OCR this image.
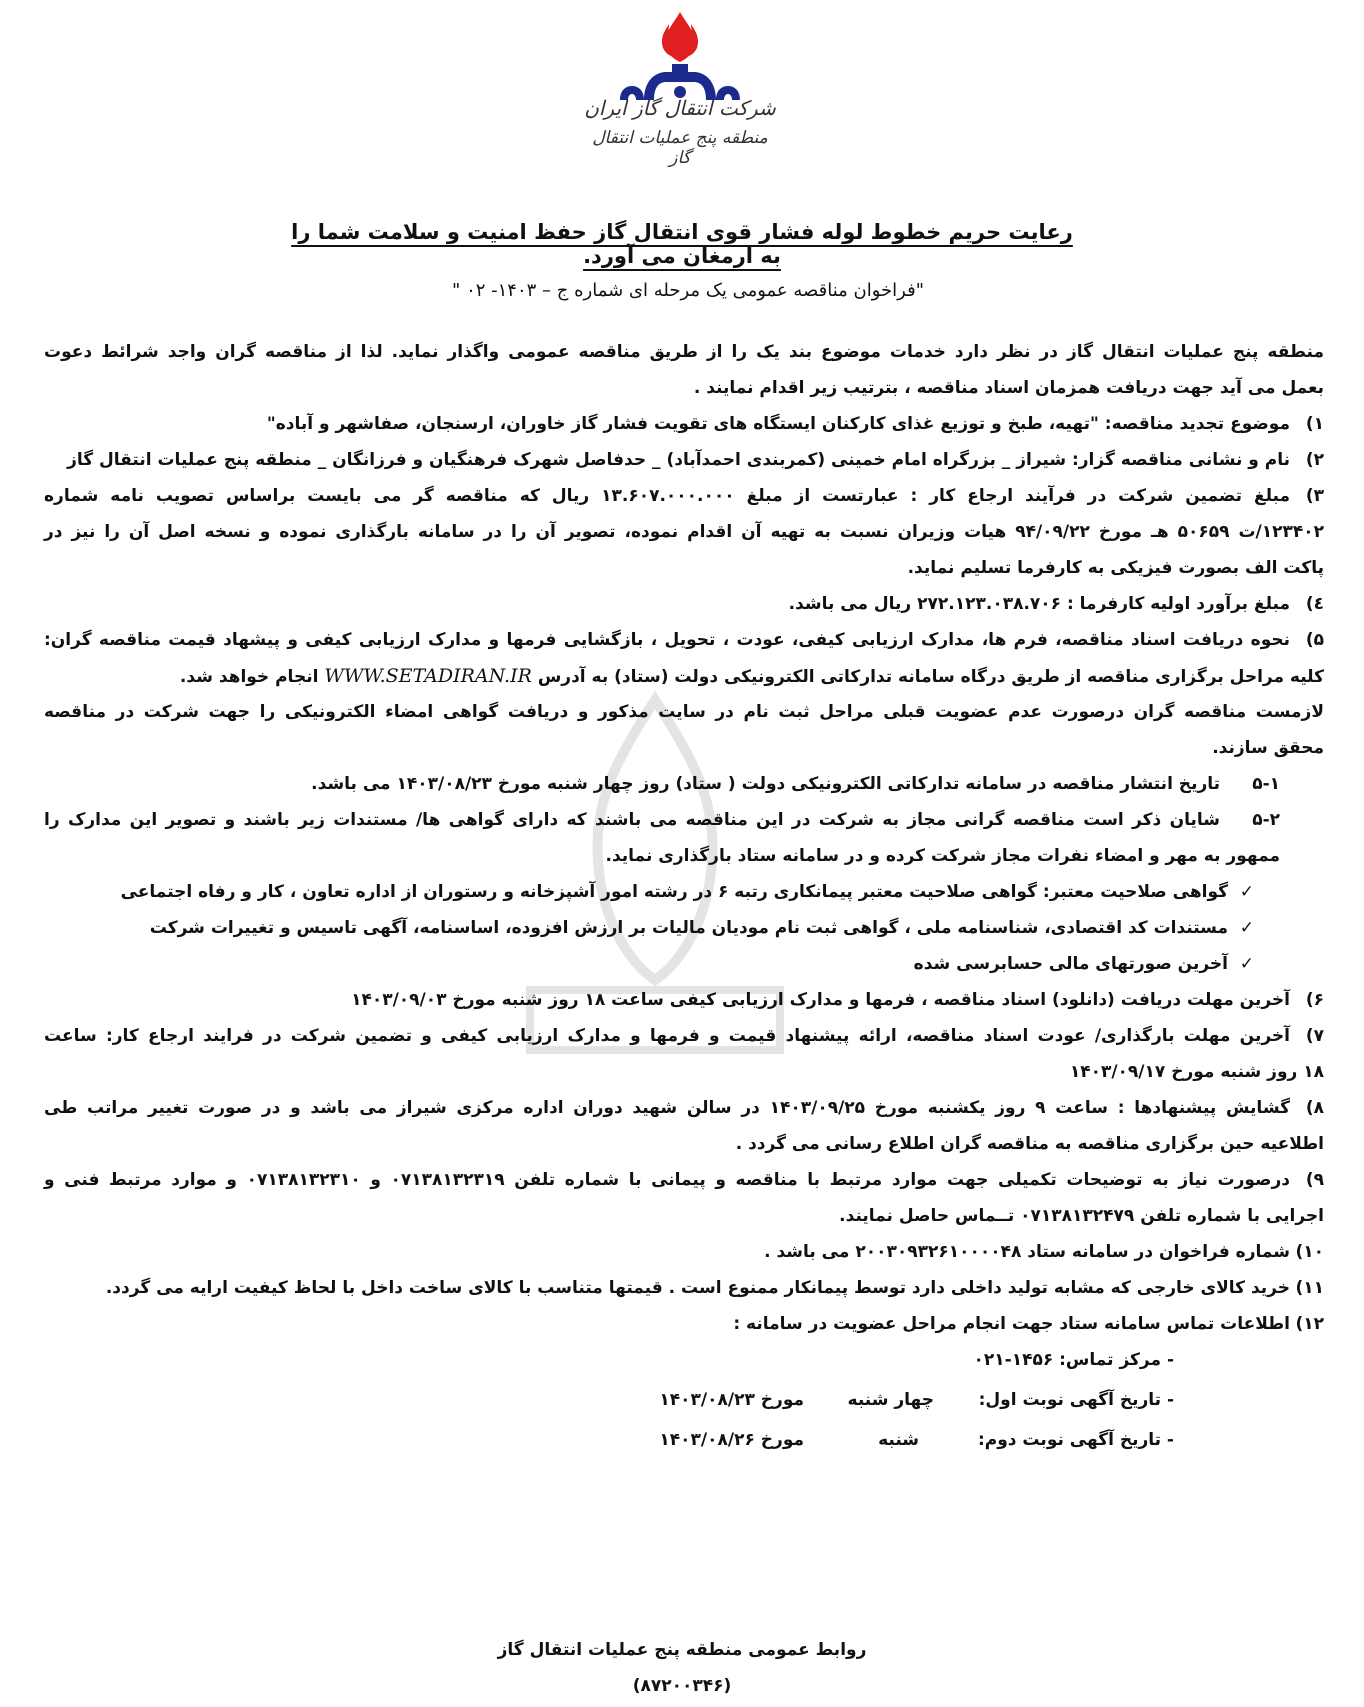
شرکت انتقال گاز ایران
منطقه پنج عملیات انتقال گاز
رعایت حریم خطوط لوله فشار قوی انتقال گاز حفظ امنیت و سلامت شما را به ارمغان می آورد.
"فراخوان مناقصه عمومی یک مرحله ای شماره ج – ۱۴۰۳- ۰۲ "
منطقه پنج عملیات انتقال گاز در نظر دارد خدمات موضوع بند یک را از طریق مناقصه عمومی واگذار نماید. لذا از مناقصه گران واجد شرائط دعوت
بعمل می آید جهت دریافت همزمان اسناد مناقصه ، بترتیب زیر اقدام نمایند .
۱)موضوع تجدید مناقصه: "تهیه، طبخ و توزیع غذای کارکنان ایستگاه های تقویت فشار گاز خاوران، ارسنجان، صفاشهر و آباده"
۲)نام و نشانی مناقصه گزار: شیراز _ بزرگراه امام خمینی (کمربندی احمدآباد) _ حدفاصل شهرک فرهنگیان و فرزانگان _ منطقه پنج عملیات انتقال گاز
۳)مبلغ تضمین شرکت در فرآیند ارجاع کار : عبارتست از مبلغ ۱۳.۶۰۷.۰۰۰.۰۰۰ ریال که مناقصه گر می بایست براساس تصویب نامه شماره
۱۲۳۴۰۲/ت ۵۰۶۵۹ هـ مورخ ۹۴/۰۹/۲۲ هیات وزیران نسبت به تهیه آن اقدام نموده، تصویر آن را در سامانه بارگذاری نموده و نسخه اصل آن را نیز در
پاکت الف بصورت فیزیکی به کارفرما تسلیم نماید.
٤)مبلغ برآورد اولیه کارفرما : ۲۷۲.۱۲۳.۰۳۸.۷۰۶ ریال می باشد.
۵)نحوه دریافت اسناد مناقصه، فرم ها، مدارک ارزیابی کیفی، عودت ، تحویل ، بازگشایی فرمها و مدارک ارزیابی کیفی و پیشهاد قیمت مناقصه گران:
کلیه مراحل برگزاری مناقصه از طریق درگاه سامانه تدارکاتی الکترونیکی دولت (ستاد) به آدرس WWW.SETADIRAN.IR انجام خواهد شد.
لازمست مناقصه گران درصورت عدم عضویت قبلی مراحل ثبت نام در سایت مذکور و دریافت گواهی امضاء الکترونیکی را جهت شرکت در مناقصه
محقق سازند.
۵-۱تاریخ انتشار مناقصه در سامانه تدارکاتی الکترونیکی دولت ( ستاد) روز چهار شنبه مورخ ۱۴۰۳/۰۸/۲۳ می باشد.
۵-۲شایان ذکر است مناقصه گرانی مجاز به شرکت در این مناقصه می باشند که دارای گواهی ها/ مستندات زیر باشند و تصویر این مدارک را
ممهور به مهر و امضاء نفرات مجاز شرکت کرده و در سامانه ستاد بارگذاری نماید.
✓گواهی صلاحیت معتبر: گواهی صلاحیت معتبر پیمانکاری رتبه ۶ در رشته امور آشپزخانه و رستوران از اداره تعاون ، کار و رفاه اجتماعی
✓مستندات کد اقتصادی، شناسنامه ملی ، گواهی ثبت نام مودیان مالیات بر ارزش افزوده، اساسنامه، آگهی تاسیس و تغییرات شرکت
✓آخرین صورتهای مالی حسابرسی شده
۶)آخرین مهلت دریافت (دانلود) اسناد مناقصه ، فرمها و مدارک ارزیابی کیفی ساعت ۱۸ روز شنبه مورخ ۱۴۰۳/۰۹/۰۳
۷)آخرین مهلت بارگذاری/ عودت اسناد مناقصه، ارائه پیشنهاد قیمت و فرمها و مدارک ارزیابی کیفی و تضمین شرکت در فرایند ارجاع کار: ساعت
۱۸ روز شنبه مورخ ۱۴۰۳/۰۹/۱۷
۸)گشایش پیشنهادها : ساعت ۹ روز یکشنبه مورخ ۱۴۰۳/۰۹/۲۵ در سالن شهید دوران اداره مرکزی شیراز می باشد و در صورت تغییر مراتب طی
اطلاعیه حین برگزاری مناقصه به مناقصه گران اطلاع رسانی می گردد .
۹)درصورت نیاز به توضیحات تکمیلی جهت موارد مرتبط با مناقصه و پیمانی با شماره تلفن ۰۷۱۳۸۱۳۲۳۱۹ و ۰۷۱۳۸۱۳۲۳۱۰ و موارد مرتبط فنی و
اجرایی با شماره تلفن ۰۷۱۳۸۱۳۲۴۷۹ تــماس حاصل نمایند.
۱۰)شماره فراخوان در سامانه ستاد ۲۰۰۳۰۹۳۲۶۱۰۰۰۰۴۸ می باشد .
۱۱)خرید کالای خارجی که مشابه تولید داخلی دارد توسط پیمانکار ممنوع است . قیمتها متناسب با کالای ساخت داخل با لحاظ کیفیت ارایه می گردد.
۱۲)اطلاعات تماس سامانه ستاد جهت انجام مراحل عضویت در سامانه :
- مرکز تماس: ۱۴۵۶-۰۲۱
- تاریخ آگهی نوبت اول:
چهار شنبه
مورخ ۱۴۰۳/۰۸/۲۳
- تاریخ آگهی نوبت دوم:
شنبه
مورخ ۱۴۰۳/۰۸/۲۶
روابط عمومی منطقه پنج عملیات انتقال گاز
(۸۷۲۰۰۳۴۶)
